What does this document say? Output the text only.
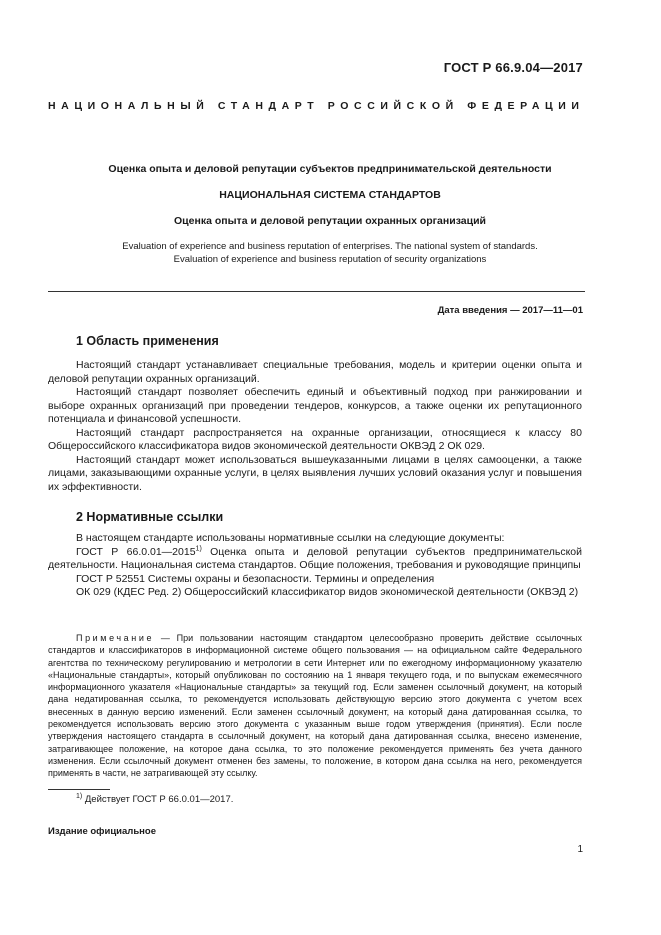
ГОСТ Р 66.9.04—2017
НАЦИОНАЛЬНЫЙ СТАНДАРТ РОССИЙСКОЙ ФЕДЕРАЦИИ
Оценка опыта и деловой репутации субъектов предпринимательской деятельности
НАЦИОНАЛЬНАЯ СИСТЕМА СТАНДАРТОВ
Оценка опыта и деловой репутации охранных организаций
Evaluation of experience and business reputation of enterprises. The national system of standards.
Evaluation of experience and business reputation of security organizations
Дата введения — 2017—11—01
1 Область применения

Настоящий стандарт устанавливает специальные требования, модель и критерии оценки опыта и деловой репутации охранных организаций.

Настоящий стандарт позволяет обеспечить единый и объективный подход при ранжировании и выборе охранных организаций при проведении тендеров, конкурсов, а также оценки их репутационного потенциала и финансовой успешности.

Настоящий стандарт распространяется на охранные организации, относящиеся к классу 80 Общероссийского классификатора видов экономической деятельности ОКВЭД 2 ОК 029.

Настоящий стандарт может использоваться вышеуказанными лицами в целях самооценки, а также лицами, заказывающими охранные услуги, в целях выявления лучших условий оказания услуг и повышения их эффективности.

2 Нормативные ссылки

В настоящем стандарте использованы нормативные ссылки на следующие документы:

ГОСТ Р 66.0.01—2015$^{1)}$ Оценка опыта и деловой репутации субъектов предпринимательской деятельности. Национальная система стандартов. Общие положения, требования и руководящие принципы

ГОСТ Р 52551 Системы охраны и безопасности. Термины и определения

ОК 029 (КДЕС Ред. 2) Общероссийский классификатор видов экономической деятельности (ОКВЭД 2)

Примечание — При пользовании настоящим стандартом целесообразно проверить действие ссылочных стандартов и классификаторов в информационной системе общего пользования — на официальном сайте Федерального агентства по техническому регулированию и метрологии в сети Интернет или по ежегодному информационному указателю «Национальные стандарты», который опубликован по состоянию на 1 января текущего года, и по выпускам ежемесячного информационного указателя «Национальные стандарты» за текущий год. Если заменен ссылочный документ, на который дана недатированная ссылка, то рекомендуется использовать действующую версию этого документа с учетом всех внесенных в данную версию изменений. Если заменен ссылочный документ, на который дана датированная ссылка, то рекомендуется использовать версию этого документа с указанным выше годом утверждения (принятия). Если после утверждения настоящего стандарта в ссылочный документ, на который дана датированная ссылка, внесено изменение, затрагивающее положение, на которое дана ссылка, то это положение рекомендуется применять без учета данного изменения. Если ссылочный документ отменен без замены, то положение, в котором дана ссылка на него, рекомендуется применять в части, не затрагивающей эту ссылку.
$^{1)}$ Действует ГОСТ Р 66.0.01—2017.
Издание официальное
1
